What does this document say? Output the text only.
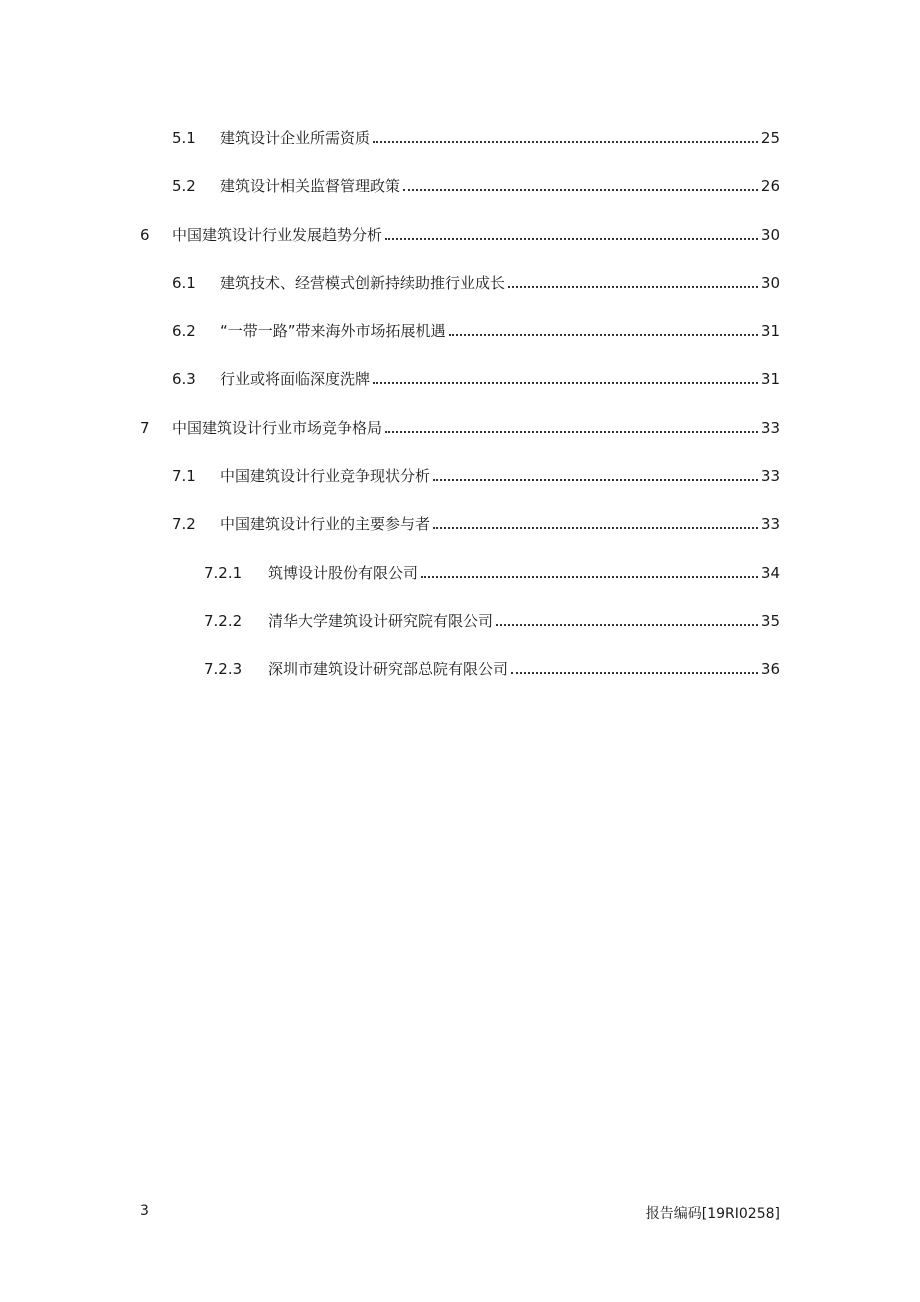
5.1	建筑设计企业所需资质	25
5.2	建筑设计相关监督管理政策	26
6	中国建筑设计行业发展趋势分析	30
6.1	建筑技术、经营模式创新持续助推行业成长	30
6.2	“一带一路”带来海外市场拓展机遇	31
6.3	行业或将面临深度洗牌	31
7	中国建筑设计行业市场竞争格局	33
7.1	中国建筑设计行业竞争现状分析	33
7.2	中国建筑设计行业的主要参与者	33
7.2.1	筑博设计股份有限公司	34
7.2.2	清华大学建筑设计研究院有限公司	35
7.2.3	深圳市建筑设计研究部总院有限公司	36
3	报告编码[19RI0258]
